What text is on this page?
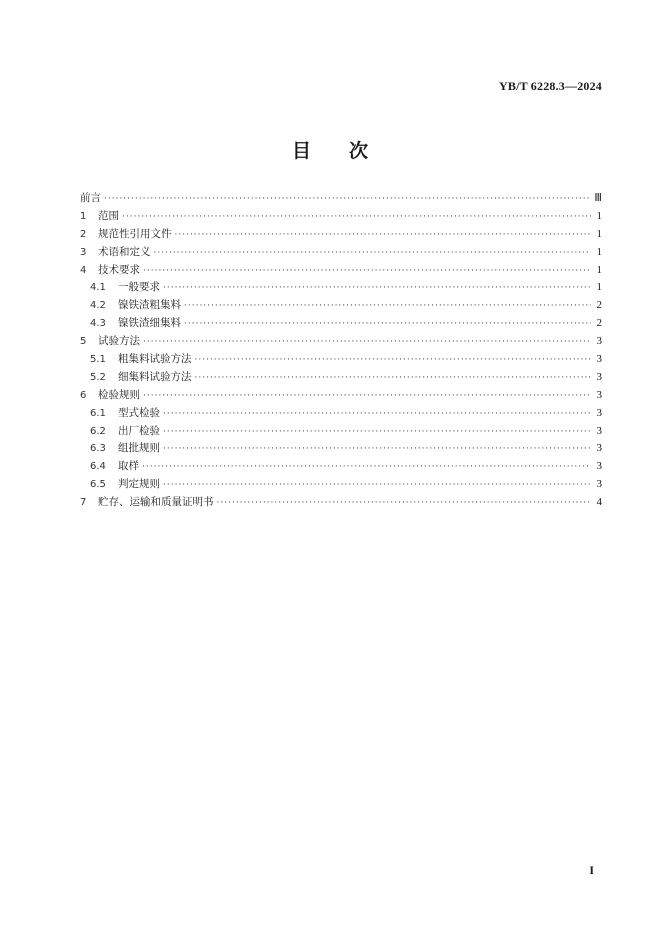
YB/T 6228.3—2024
目 次
前言 ·····	Ⅲ
1	范围 ·····	1
2	规范性引用文件 ·····	1
3	术语和定义 ·····	1
4	技术要求 ·····	1
4.1	一般要求 ·····	1
4.2	镍铁渣粗集料 ·····	2
4.3	镍铁渣细集料 ·····	2
5	试验方法 ·····	3
5.1	粗集料试验方法 ·····	3
5.2	细集料试验方法 ·····	3
6	检验规则 ·····	3
6.1	型式检验 ·····	3
6.2	出厂检验 ·····	3
6.3	组批规则 ·····	3
6.4	取样 ·····	3
6.5	判定规则 ·····	3
7	贮存、运输和质量证明书 ·····	4
I
